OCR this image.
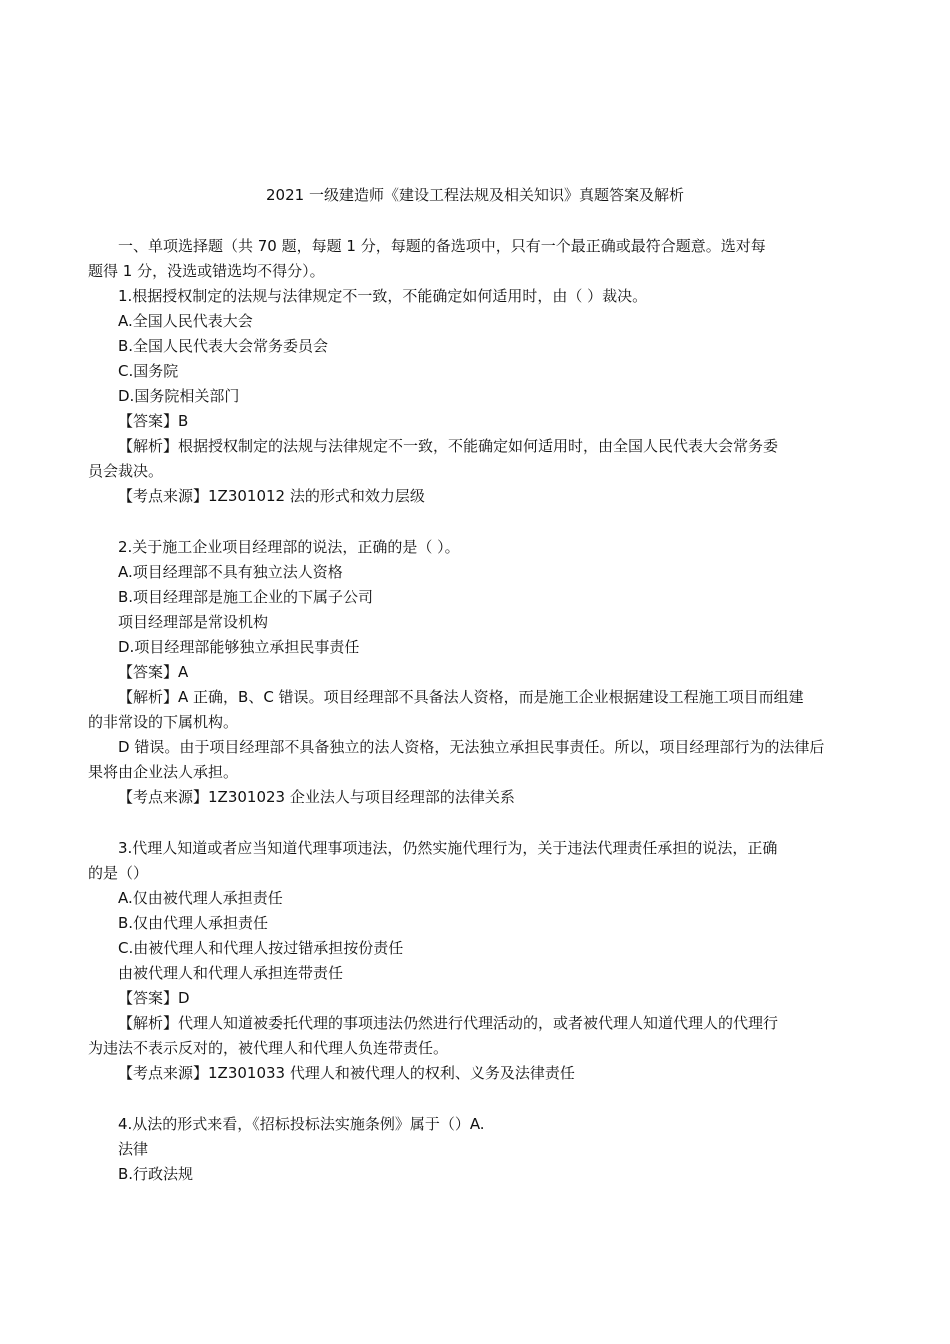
2021 一级建造师《建设工程法规及相关知识》真题答案及解析
一、单项选择题（共 70 题，每题 1 分，每题的备选项中，只有一个最正确或最符合题意。选对每
题得 1 分，没选或错选均不得分）。
1.根据授权制定的法规与法律规定不一致，不能确定如何适用时，由（ ）裁决。
A.全国人民代表大会
B.全国人民代表大会常务委员会
C.国务院
D.国务院相关部门
【答案】B
【解析】根据授权制定的法规与法律规定不一致，不能确定如何适用时，由全国人民代表大会常务委
员会裁决。
【考点来源】1Z301012 法的形式和效力层级
2.关于施工企业项目经理部的说法，正确的是（ ）。
A.项目经理部不具有独立法人资格
B.项目经理部是施工企业的下属子公司
项目经理部是常设机构
D.项目经理部能够独立承担民事责任
【答案】A
【解析】A 正确，B、C 错误。项目经理部不具备法人资格，而是施工企业根据建设工程施工项目而组建
的非常设的下属机构。
D 错误。由于项目经理部不具备独立的法人资格，无法独立承担民事责任。所以，项目经理部行为的法律后
果将由企业法人承担。
【考点来源】1Z301023 企业法人与项目经理部的法律关系
3.代理人知道或者应当知道代理事项违法，仍然实施代理行为，关于违法代理责任承担的说法，正确
的是（）
A.仅由被代理人承担责任
B.仅由代理人承担责任
C.由被代理人和代理人按过错承担按份责任
由被代理人和代理人承担连带责任
【答案】D
【解析】代理人知道被委托代理的事项违法仍然进行代理活动的，或者被代理人知道代理人的代理行
为违法不表示反对的，被代理人和代理人负连带责任。
【考点来源】1Z301033 代理人和被代理人的权利、义务及法律责任
4.从法的形式来看，《招标投标法实施条例》属于（）A.
法律
B.行政法规
